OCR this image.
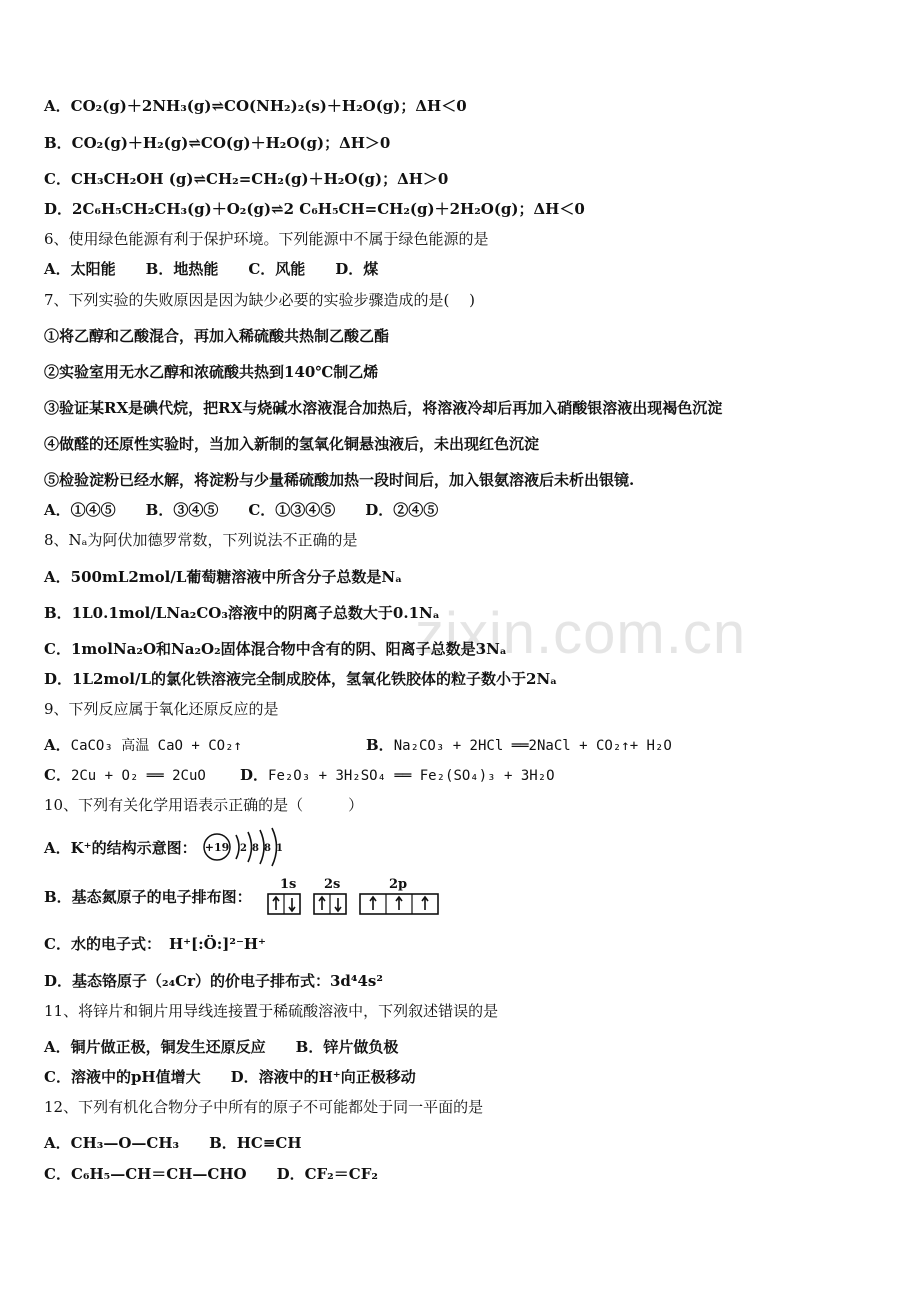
zixin.com.cn
A．CO₂(g)＋2NH₃(g)⇌CO(NH₂)₂(s)＋H₂O(g)；ΔH＜0
B．CO₂(g)＋H₂(g)⇌CO(g)＋H₂O(g)；ΔH＞0
C．CH₃CH₂OH (g)⇌CH₂=CH₂(g)＋H₂O(g)；ΔH＞0
D．2C₆H₅CH₂CH₃(g)＋O₂(g)⇌2 C₆H₅CH=CH₂(g)＋2H₂O(g)；ΔH＜0
6、使用绿色能源有利于保护环境。下列能源中不属于绿色能源的是
A．太阳能　　B．地热能　　C．风能　　D．煤
7、下列实验的失败原因是因为缺少必要的实验步骤造成的是(　 )
①将乙醇和乙酸混合，再加入稀硫酸共热制乙酸乙酯
②实验室用无水乙醇和浓硫酸共热到140℃制乙烯
③验证某RX是碘代烷，把RX与烧碱水溶液混合加热后，将溶液冷却后再加入硝酸银溶液出现褐色沉淀
④做醛的还原性实验时，当加入新制的氢氧化铜悬浊液后，未出现红色沉淀
⑤检验淀粉已经水解，将淀粉与少量稀硫酸加热一段时间后，加入银氨溶液后未析出银镜.
A．①④⑤　　B．③④⑤　　C．①③④⑤　　D．②④⑤
8、Nₐ为阿伏加德罗常数，下列说法不正确的是
A．500mL2mol/L葡萄糖溶液中所含分子总数是Nₐ
B．1L0.1mol/LNa₂CO₃溶液中的阴离子总数大于0.1Nₐ
C．1molNa₂O和Na₂O₂固体混合物中含有的阴、阳离子总数是3Nₐ
D．1L2mol/L的氯化铁溶液完全制成胶体，氢氧化铁胶体的粒子数小于2Nₐ
9、下列反应属于氧化还原反应的是
A．CaCO₃ 高温 CaO + CO₂↑	B．Na₂CO₃ + 2HCl ══2NaCl + CO₂↑+ H₂O
C．2Cu + O₂ ══ 2CuO D．Fe₂O₃ + 3H₂SO₄ ══ Fe₂(SO₄)₃ + 3H₂O
10、下列有关化学用语表示正确的是（　　　）
A．K⁺的结构示意图： +19 2 8 8 1
B．基态氮原子的电子排布图：
1s 2s	2p
C．水的电子式： H⁺[:Ö:]²⁻H⁺
D．基态铬原子（₂₄Cr）的价电子排布式：3d⁴4s²
11、将锌片和铜片用导线连接置于稀硫酸溶液中，下列叙述错误的是
A．铜片做正极，铜发生还原反应　　B．锌片做负极
C．溶液中的pH值增大　　D．溶液中的H⁺向正极移动
12、下列有机化合物分子中所有的原子不可能都处于同一平面的是
A．CH₃—O—CH₃　　B．HC≡CH
C．C₆H₅—CH＝CH—CHO　　D．CF₂＝CF₂
